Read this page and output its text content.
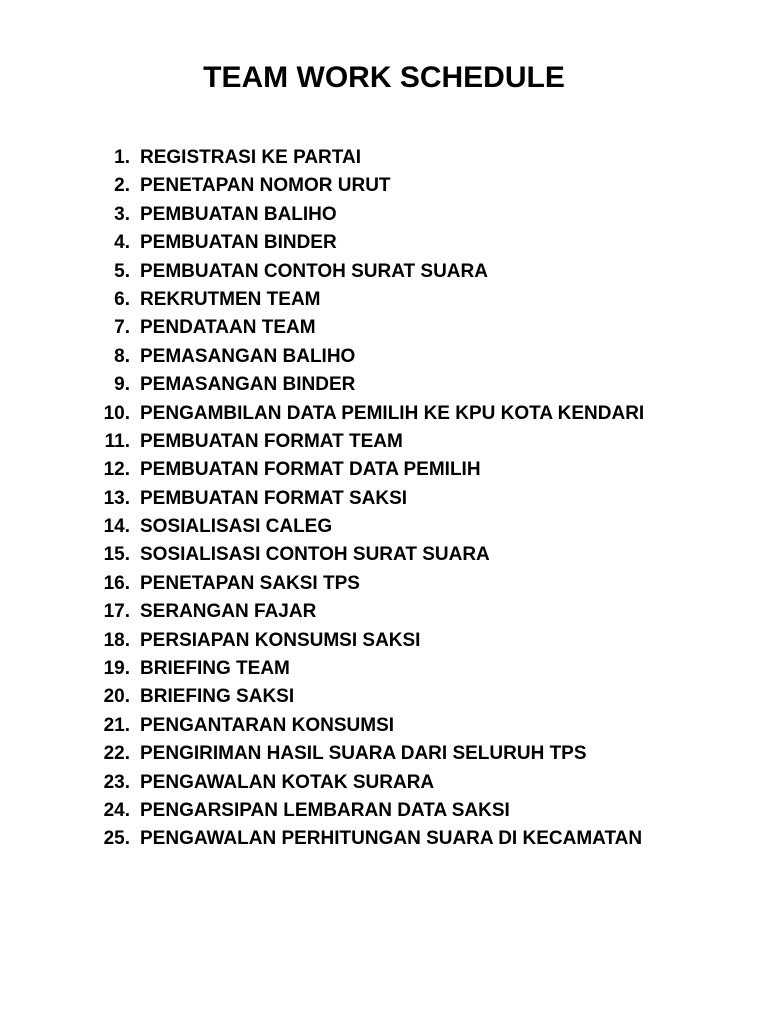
TEAM WORK SCHEDULE
1. REGISTRASI KE PARTAI
2. PENETAPAN NOMOR URUT
3. PEMBUATAN BALIHO
4. PEMBUATAN BINDER
5. PEMBUATAN CONTOH SURAT SUARA
6. REKRUTMEN TEAM
7. PENDATAAN TEAM
8. PEMASANGAN BALIHO
9. PEMASANGAN BINDER
10. PENGAMBILAN DATA PEMILIH KE KPU KOTA KENDARI
11. PEMBUATAN FORMAT TEAM
12. PEMBUATAN FORMAT DATA PEMILIH
13. PEMBUATAN FORMAT SAKSI
14. SOSIALISASI CALEG
15. SOSIALISASI CONTOH SURAT SUARA
16. PENETAPAN SAKSI TPS
17. SERANGAN FAJAR
18. PERSIAPAN KONSUMSI SAKSI
19. BRIEFING TEAM
20. BRIEFING SAKSI
21. PENGANTARAN KONSUMSI
22. PENGIRIMAN HASIL SUARA DARI SELURUH TPS
23. PENGAWALAN KOTAK SURARA
24. PENGARSIPAN LEMBARAN DATA SAKSI
25. PENGAWALAN PERHITUNGAN SUARA DI KECAMATAN
